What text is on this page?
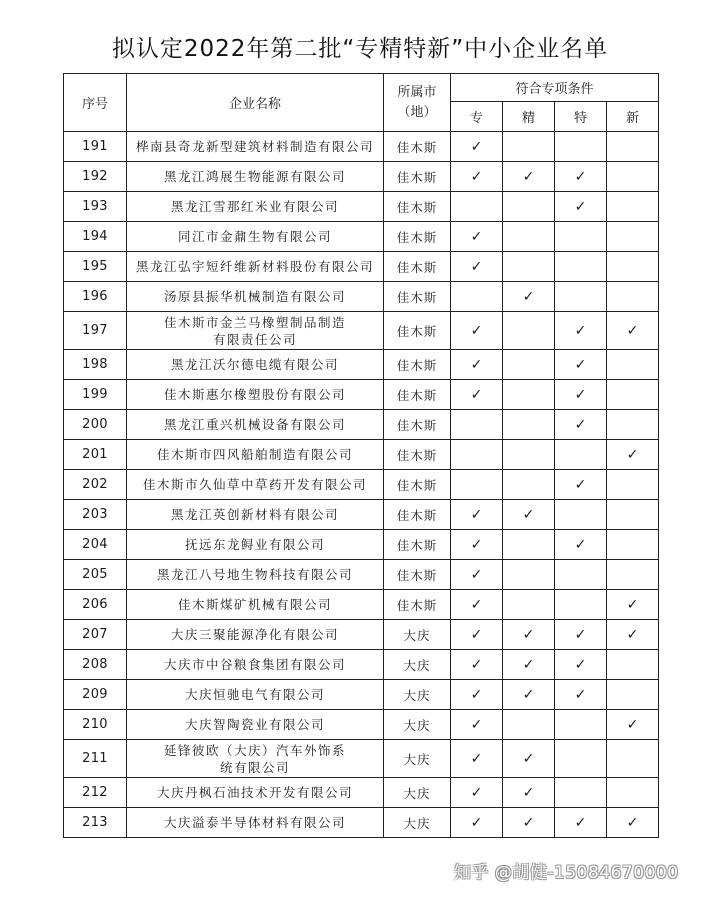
拟认定2022年第二批“专精特新”中小企业名单
序号	企业名称	所属市（地）	符合专项条件			
			专	精	特	新
191	桦南县奇龙新型建筑材料制造有限公司	佳木斯	✓			
192	黑龙江鸿展生物能源有限公司	佳木斯	✓	✓	✓	
193	黑龙江雪那红米业有限公司	佳木斯			✓	
194	同江市金鼐生物有限公司	佳木斯	✓			
195	黑龙江弘宇短纤维新材料股份有限公司	佳木斯	✓			
196	汤原县振华机械制造有限公司	佳木斯		✓		
197	佳木斯市金兰马橡塑制品制造有限责任公司	佳木斯	✓		✓	✓
198	黑龙江沃尔德电缆有限公司	佳木斯	✓		✓	
199	佳木斯惠尔橡塑股份有限公司	佳木斯	✓		✓	
200	黑龙江重兴机械设备有限公司	佳木斯			✓	
201	佳木斯市四风船舶制造有限公司	佳木斯				✓
202	佳木斯市久仙草中草药开发有限公司	佳木斯			✓	
203	黑龙江英创新材料有限公司	佳木斯	✓	✓		
204	抚远东龙鲟业有限公司	佳木斯	✓		✓	
205	黑龙江八号地生物科技有限公司	佳木斯	✓			
206	佳木斯煤矿机械有限公司	佳木斯	✓			✓
207	大庆三聚能源净化有限公司	大庆	✓	✓	✓	✓
208	大庆市中谷粮食集团有限公司	大庆	✓	✓	✓	
209	大庆恒驰电气有限公司	大庆	✓	✓	✓	
210	大庆智陶瓷业有限公司	大庆	✓			✓
211	延锋彼欧（大庆）汽车外饰系统有限公司	大庆	✓	✓		
212	大庆丹枫石油技术开发有限公司	大庆	✓	✓		
213	大庆溢泰半导体材料有限公司	大庆	✓	✓	✓	✓
知乎 @胡健-15084670000
